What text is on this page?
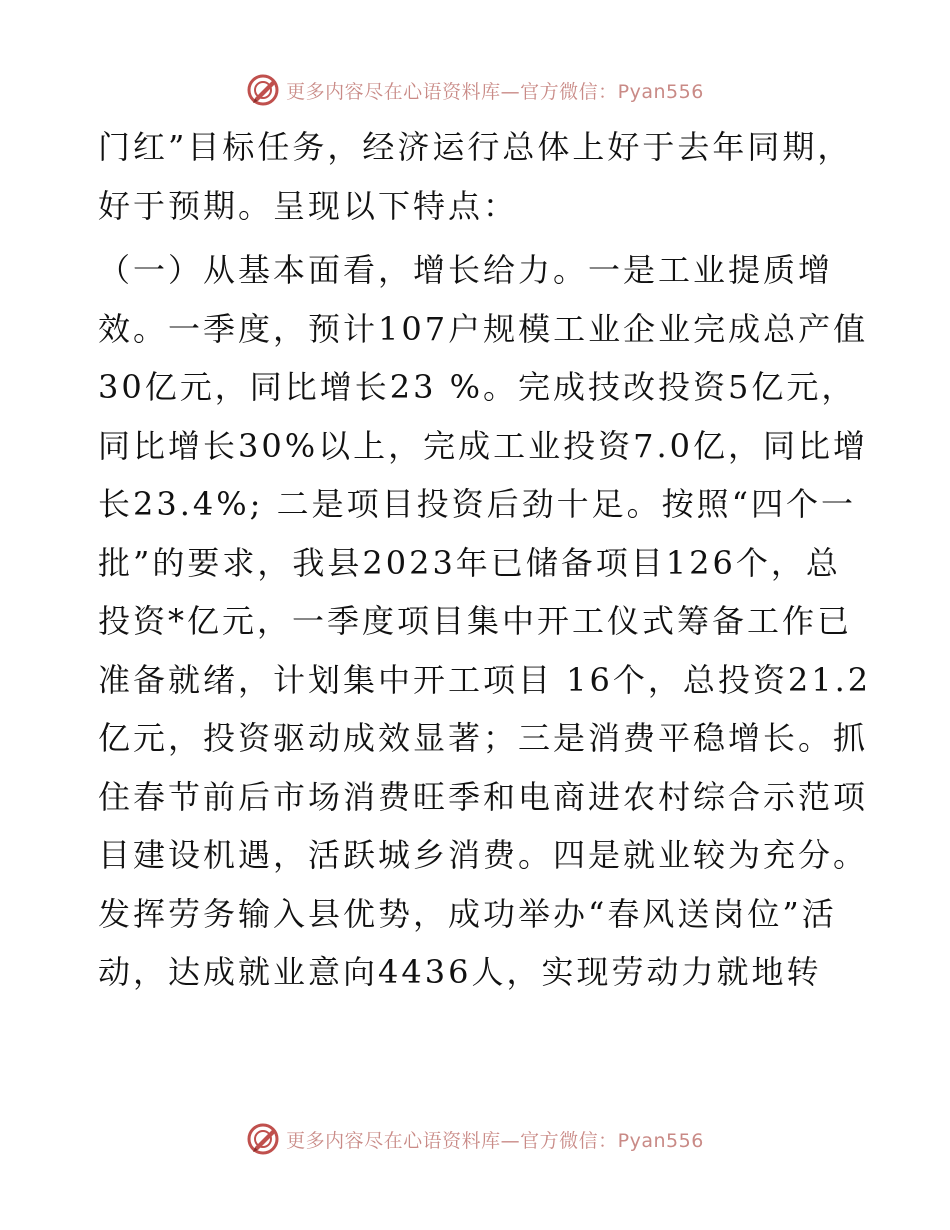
更多内容尽在心语资料库—官方微信：Pyan556

门红”目标任务，经济运行总体上好于去年同期，
好于预期。呈现以下特点：

（一）从基本面看，增长给力。一是工业提质增
效。一季度，预计107户规模工业企业完成总产值
30亿元，同比增长23 %。完成技改投资5亿元，
同比增长30%以上，完成工业投资7.0亿，同比增
长23.4%; 二是项目投资后劲十足。按照“四个一
批”的要求，我县2023年已储备项目126个，总
投资*亿元，一季度项目集中开工仪式筹备工作已
准备就绪，计划集中开工项目 16个，总投资21.2
亿元，投资驱动成效显著；三是消费平稳增长。抓
住春节前后市场消费旺季和电商进农村综合示范项
目建设机遇，活跃城乡消费。四是就业较为充分。
发挥劳务输入县优势，成功举办“春风送岗位”活
动，达成就业意向4436人，实现劳动力就地转

更多内容尽在心语资料库—官方微信：Pyan556
